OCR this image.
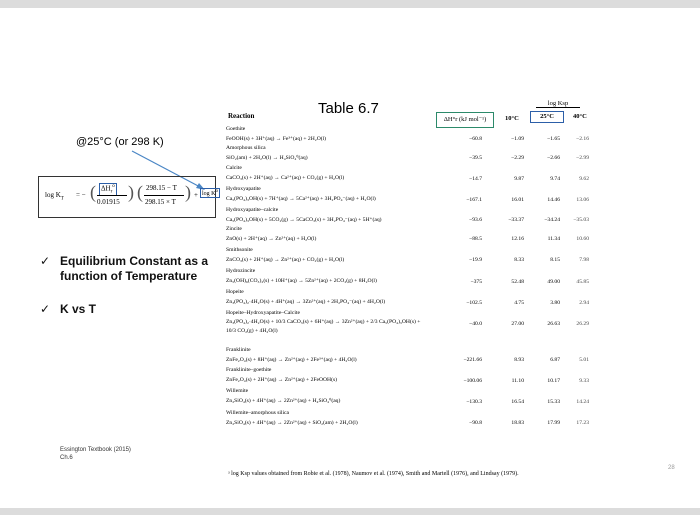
Table 6.7
Reaction	ΔH°r (kJ mol⁻¹)	10°C
log Ksp
25°C	40°C
Goethite
FeOOH(s) + 3H⁺(aq) → Fe³⁺(aq) + 2H₂O(l)	−60.8	−1.09	−1.65	−2.16
Amorphous silica
SiO₂(am) + 2H₂O(l) → H₄SiO₄⁰(aq)	−39.5	−2.29	−2.66	−2.99
Calcite
CaCO₃(s) + 2H⁺(aq) → Ca²⁺(aq) + CO₂(g) + H₂O(l)	−14.7	9.87	9.74	9.62
Hydroxyapatite
Ca₅(PO₄)₃OH(s) + 7H⁺(aq) → 5Ca²⁺(aq) + 3H₂PO₄⁻(aq) + H₂O(l)	−167.1	16.01	14.46	13.06
Hydroxyapatite–calcite
Ca₅(PO₄)₃OH(s) + 5CO₂(g) → 5CaCO₃(s) + 3H₂PO₄⁻(aq) + 5H⁺(aq)	−93.6	−33.37	−34.24	−35.03
Zincite
ZnO(s) + 2H⁺(aq) → Zn²⁺(aq) + H₂O(l)	−88.5	12.16	11.34	10.60
Smithsonite
ZnCO₃(s) + 2H⁺(aq) → Zn²⁺(aq) + CO₂(g) + H₂O(l)	−19.9	8.33	8.15	7.98
Hydrozincite
Zn₅(OH)₆(CO₃)₂(s) + 10H⁺(aq) → 5Zn²⁺(aq) + 2CO₂(g) + 8H₂O(l)	−375	52.48	49.00	45.85
Hopeite
Zn₃(PO₄)₂·4H₂O(s) + 4H⁺(aq) → 3Zn²⁺(aq) + 2H₂PO₄⁻(aq) + 4H₂O(l)	−102.5	4.75	3.80	2.94
Hopeite–Hydroxyapatite–Calcite
Zn₃(PO₄)₂·4H₂O(s) + 10/3 CaCO₃(s) + 6H⁺(aq) → 3Zn²⁺(aq) + 2/3 Ca₅(PO₄)₃OH(s) + 10/3 CO₂(g) + 4H₂O(l)
−40.0	27.00	26.63	26.29
Franklinite
ZnFe₂O₄(s) + 8H⁺(aq) → Zn²⁺(aq) + 2Fe³⁺(aq) + 4H₂O(l)	−221.66	8.93	6.87	5.01
Franklinite–goethite
ZnFe₂O₄(s) + 2H⁺(aq) → Zn²⁺(aq) + 2FeOOH(s)	−100.06	11.10	10.17	9.33
Willemite
Zn₂SiO₄(s) + 4H⁺(aq) → 2Zn²⁺(aq) + H₄SiO₄⁰(aq)	−130.3	16.54	15.33	14.24
Willemite–amorphous silica
Zn₂SiO₄(s) + 4H⁺(aq) → 2Zn²⁺(aq) + SiO₂(am) + 2H₂O(l)	−90.8	18.83	17.99	17.23
ᵃ log Ksp values obtained from Robie et al. (1978), Naumov et al. (1974), Smith and Martell (1976), and Lindsay (1979).
@25°C (or 298 K)
$\log K_T$ = − ( $\Delta H_r^o$
0.01915 ) ( 298.15 − T
298.15 × T ) + $\log K^o$
✓ Equilibrium Constant as a function of Temperature
✓ K vs T
Essington Textbook (2015)
Ch.6
28
